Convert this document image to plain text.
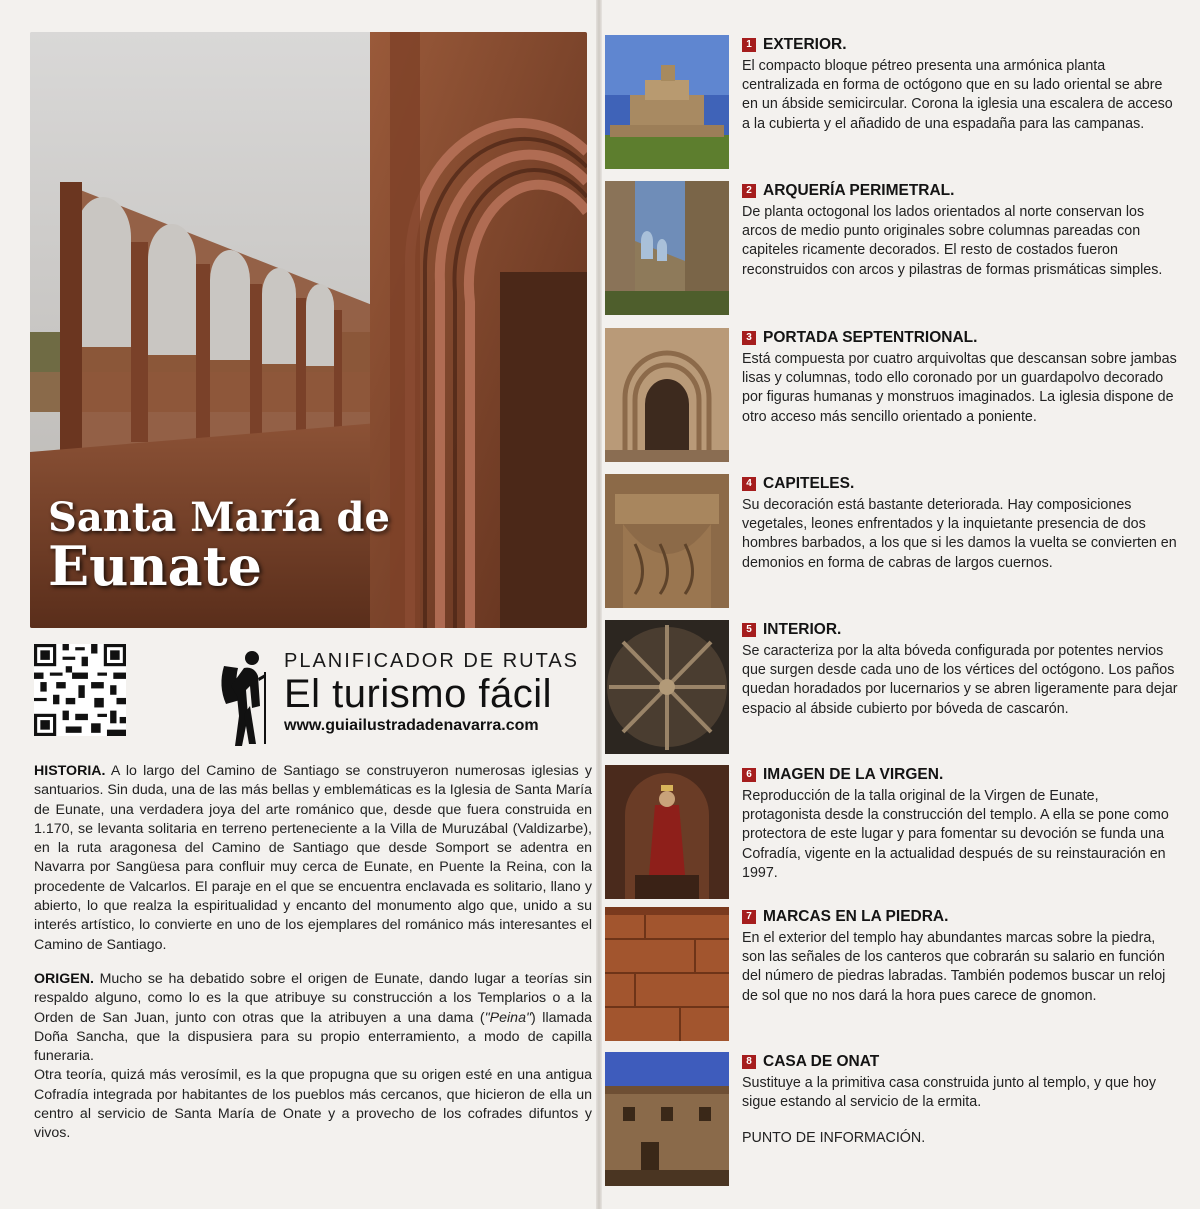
Santa María de
Eunate
PLANIFICADOR DE RUTAS
El turismo fácil
www.guiailustradadenavarra.com

HISTORIA. A lo largo del Camino de Santiago se construyeron numerosas iglesias y santuarios. Sin duda, una de las más bellas y emblemáticas es la Iglesia de Santa María de Eunate, una verdadera joya del arte románico que, desde que fuera construida en 1.170, se levanta solitaria en terreno perteneciente a la Villa de Muruzábal (Valdizarbe), en la ruta aragonesa del Camino de Santiago que desde Somport se adentra en Navarra por Sangüesa para confluir muy cerca de Eunate, en Puente la Reina, con la procedente de Valcarlos. El paraje en el que se encuentra enclavada es solitario, llano y abierto, lo que realza la espiritualidad y encanto del monumento algo que, unido a su interés artístico, lo convierte en uno de los ejemplares del románico más interesantes el Camino de Santiago.

ORIGEN. Mucho se ha debatido sobre el origen de Eunate, dando lugar a teorías sin respaldo alguno, como lo es la que atribuye su construcción a los Templarios o a la Orden de San Juan, junto con otras que la atribuyen a una dama ("Peina") llamada Doña Sancha, que la dispusiera para su propio enterramiento, a modo de capilla funeraria.

Otra teoría, quizá más verosímil, es la que propugna que su origen esté en una antigua Cofradía integrada por habitantes de los pueblos más cercanos, que hicieron de ella un centro al servicio de Santa María de Onate y a provecho de los cofrades difuntos y vivos.

1 EXTERIOR.
El compacto bloque pétreo presenta una armónica planta centralizada en forma de octógono que en su lado oriental se abre en un ábside semicircular. Corona la iglesia una escalera de acceso a la cubierta y el añadido de una espadaña para las campanas.
2 ARQUERÍA PERIMETRAL.
De planta octogonal los lados orientados al norte conservan los arcos de medio punto originales sobre columnas pareadas con capiteles ricamente decorados. El resto de costados fueron reconstruidos con arcos y pilastras de formas prismáticas simples.
3 PORTADA SEPTENTRIONAL.
Está compuesta por cuatro arquivoltas que descansan sobre jambas lisas y columnas, todo ello coronado por un guardapolvo decorado por figuras humanas y monstruos imaginados. La iglesia dispone de otro acceso más sencillo orientado a poniente.
4 CAPITELES.
Su decoración está bastante deteriorada. Hay composiciones vegetales, leones enfrentados y la inquietante presencia de dos hombres barbados, a los que si les damos la vuelta se convierten en demonios en forma de cabras de largos cuernos.
5 INTERIOR.
Se caracteriza por la alta bóveda configurada por potentes nervios que surgen desde cada uno de los vértices del octógono. Los paños quedan horadados por lucernarios y se abren ligeramente para dejar espacio al ábside cubierto por bóveda de cascarón.
6 IMAGEN DE LA VIRGEN.
Reproducción de la talla original de la Virgen de Eunate, protagonista desde la construcción del templo. A ella se pone como protectora de este lugar y para fomentar su devoción se funda una Cofradía, vigente en la actualidad después de su reinstauración en 1997.
7 MARCAS EN LA PIEDRA.
En el exterior del templo hay abundantes marcas sobre la piedra, son las señales de los canteros que cobrarán su salario en función del número de piedras labradas. También podemos buscar un reloj de sol que no nos dará la hora pues carece de gnomon.
8 CASA DE ONAT
Sustituye a la primitiva casa construida junto al templo, y que hoy sigue estando al servicio de la ermita.
PUNTO DE INFORMACIÓN.
